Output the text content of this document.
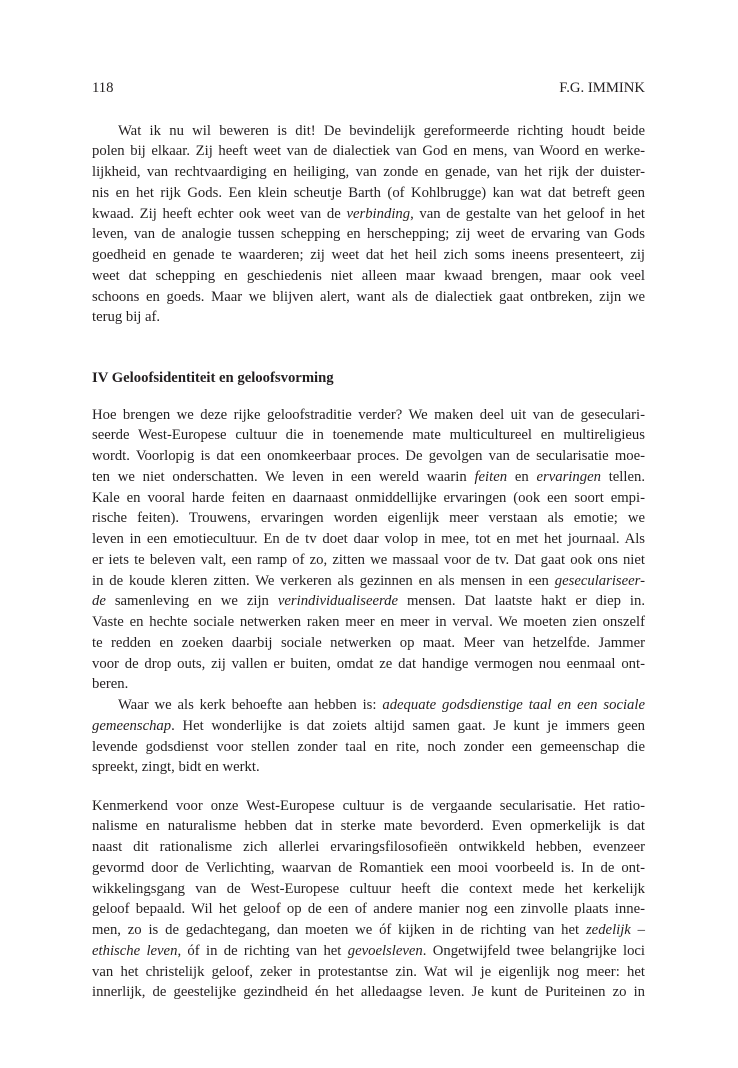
118	F.G. IMMINK
Wat ik nu wil beweren is dit! De bevindelijk gereformeerde richting houdt beide
polen bij elkaar. Zij heeft weet van de dialectiek van God en mens, van Woord en werke-
lijkheid, van rechtvaardiging en heiliging, van zonde en genade, van het rijk der duister-
nis en het rijk Gods. Een klein scheutje Barth (of Kohlbrugge) kan wat dat betreft geen
kwaad. Zij heeft echter ook weet van de verbinding, van de gestalte van het geloof in het
leven, van de analogie tussen schepping en herschepping; zij weet de ervaring van Gods
goedheid en genade te waarderen; zij weet dat het heil zich soms ineens presenteert, zij
weet dat schepping en geschiedenis niet alleen maar kwaad brengen, maar ook veel
schoons en goeds. Maar we blijven alert, want als de dialectiek gaat ontbreken, zijn we
terug bij af.
IV Geloofsidentiteit en geloofsvorming
Hoe brengen we deze rijke geloofstraditie verder? We maken deel uit van de geseculari-
seerde West-Europese cultuur die in toenemende mate multicultureel en multireligieus
wordt. Voorlopig is dat een onomkeerbaar proces. De gevolgen van de secularisatie moe-
ten we niet onderschatten. We leven in een wereld waarin feiten en ervaringen tellen.
Kale en vooral harde feiten en daarnaast onmiddellijke ervaringen (ook een soort empi-
rische feiten). Trouwens, ervaringen worden eigenlijk meer verstaan als emotie; we
leven in een emotiecultuur. En de tv doet daar volop in mee, tot en met het journaal. Als
er iets te beleven valt, een ramp of zo, zitten we massaal voor de tv. Dat gaat ook ons niet
in de koude kleren zitten. We verkeren als gezinnen en als mensen in een geseculariseer-
de samenleving en we zijn verindividualiseerde mensen. Dat laatste hakt er diep in.
Vaste en hechte sociale netwerken raken meer en meer in verval. We moeten zien onszelf
te redden en zoeken daarbij sociale netwerken op maat. Meer van hetzelfde. Jammer
voor de drop outs, zij vallen er buiten, omdat ze dat handige vermogen nou eenmaal ont-
beren.
Waar we als kerk behoefte aan hebben is: adequate godsdienstige taal en een sociale
gemeenschap. Het wonderlijke is dat zoiets altijd samen gaat. Je kunt je immers geen
levende godsdienst voor stellen zonder taal en rite, noch zonder een gemeenschap die
spreekt, zingt, bidt en werkt.
Kenmerkend voor onze West-Europese cultuur is de vergaande secularisatie. Het ratio-
nalisme en naturalisme hebben dat in sterke mate bevorderd. Even opmerkelijk is dat
naast dit rationalisme zich allerlei ervaringsfilosofieën ontwikkeld hebben, evenzeer
gevormd door de Verlichting, waarvan de Romantiek een mooi voorbeeld is. In de ont-
wikkelingsgang van de West-Europese cultuur heeft die context mede het kerkelijk
geloof bepaald. Wil het geloof op de een of andere manier nog een zinvolle plaats inne-
men, zo is de gedachtegang, dan moeten we óf kijken in de richting van het zedelijk –
ethische leven, óf in de richting van het gevoelsleven. Ongetwijfeld twee belangrijke loci
van het christelijk geloof, zeker in protestantse zin. Wat wil je eigenlijk nog meer: het
innerlijk, de geestelijke gezindheid én het alledaagse leven. Je kunt de Puriteinen zo in
